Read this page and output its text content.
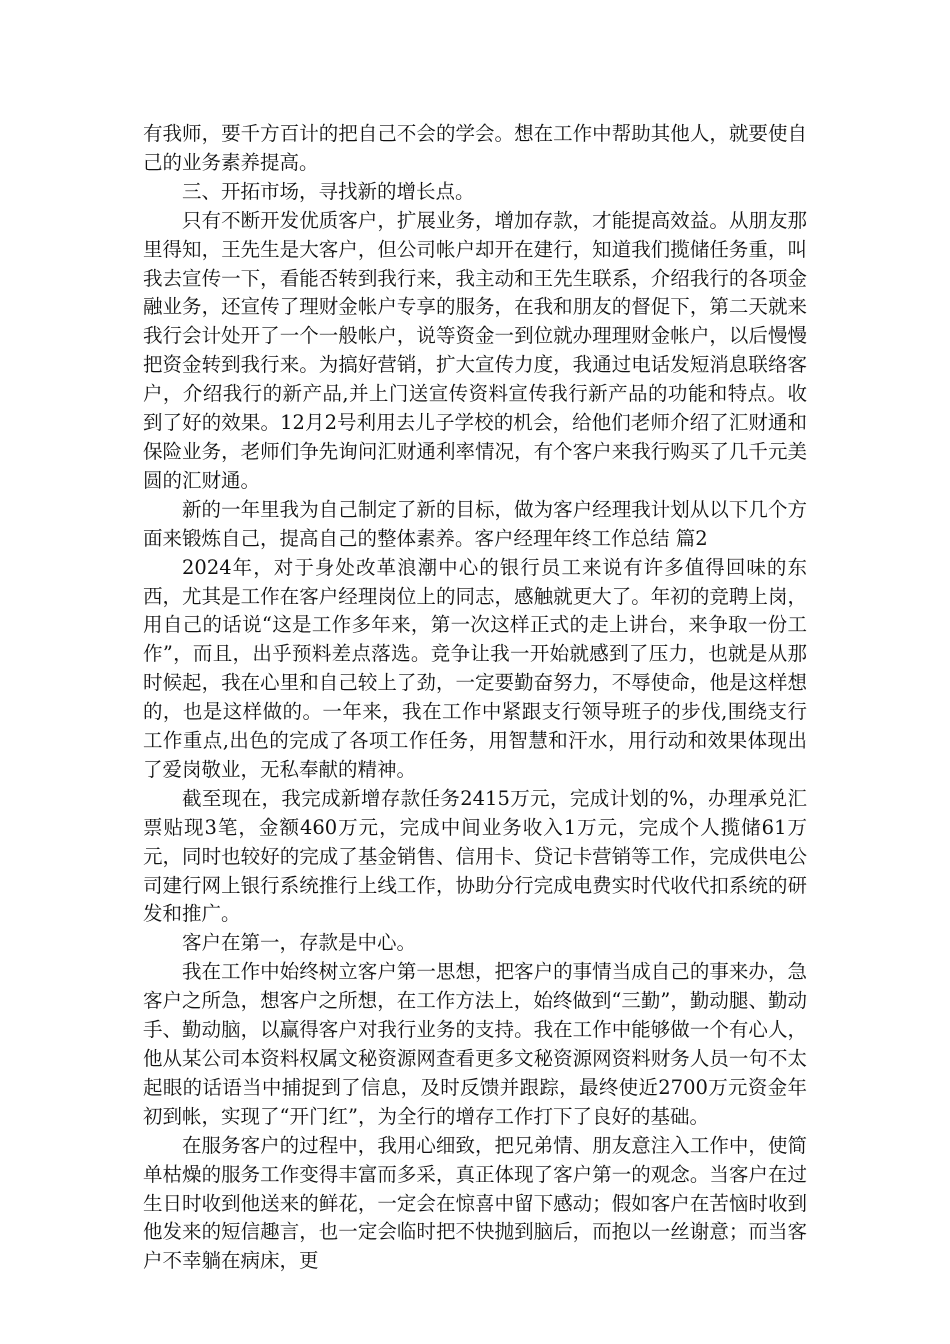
有我师，要千方百计的把自己不会的学会。想在工作中帮助其他人，就要使自己的业务素养提高。

三、开拓市场，寻找新的增长点。

只有不断开发优质客户，扩展业务，增加存款，才能提高效益。从朋友那里得知，王先生是大客户，但公司帐户却开在建行，知道我们揽储任务重，叫我去宣传一下，看能否转到我行来，我主动和王先生联系，介绍我行的各项金融业务，还宣传了理财金帐户专享的服务，在我和朋友的督促下，第二天就来我行会计处开了一个一般帐户，说等资金一到位就办理理财金帐户，以后慢慢把资金转到我行来。为搞好营销，扩大宣传力度，我通过电话发短消息联络客户，介绍我行的新产品,并上门送宣传资料宣传我行新产品的功能和特点。收到了好的效果。12月2号利用去儿子学校的机会，给他们老师介绍了汇财通和保险业务，老师们争先询问汇财通利率情况，有个客户来我行购买了几千元美圆的汇财通。

新的一年里我为自己制定了新的目标，做为客户经理我计划从以下几个方面来锻炼自己，提高自己的整体素养。客户经理年终工作总结 篇2

2024年，对于身处改革浪潮中心的银行员工来说有许多值得回味的东西，尤其是工作在客户经理岗位上的同志，感触就更大了。年初的竞聘上岗，用自己的话说“这是工作多年来，第一次这样正式的走上讲台，来争取一份工作”，而且，出乎预料差点落选。竞争让我一开始就感到了压力，也就是从那时候起，我在心里和自己较上了劲，一定要勤奋努力，不辱使命，他是这样想的，也是这样做的。一年来，我在工作中紧跟支行领导班子的步伐,围绕支行工作重点,出色的完成了各项工作任务，用智慧和汗水，用行动和效果体现出了爱岗敬业，无私奉献的精神。

截至现在，我完成新增存款任务2415万元，完成计划的%，办理承兑汇票贴现3笔，金额460万元，完成中间业务收入1万元，完成个人揽储61万元，同时也较好的完成了基金销售、信用卡、贷记卡营销等工作，完成供电公司建行网上银行系统推行上线工作，协助分行完成电费实时代收代扣系统的研发和推广。

客户在第一，存款是中心。

我在工作中始终树立客户第一思想，把客户的事情当成自己的事来办，急客户之所急，想客户之所想，在工作方法上，始终做到“三勤”，勤动腿、勤动手、勤动脑，以赢得客户对我行业务的支持。我在工作中能够做一个有心人，他从某公司本资料权属文秘资源网查看更多文秘资源网资料财务人员一句不太起眼的话语当中捕捉到了信息，及时反馈并跟踪，最终使近2700万元资金年初到帐，实现了“开门红”，为全行的增存工作打下了良好的基础。

在服务客户的过程中，我用心细致，把兄弟情、朋友意注入工作中，使简单枯燥的服务工作变得丰富而多采，真正体现了客户第一的观念。当客户在过生日时收到他送来的鲜花，一定会在惊喜中留下感动；假如客户在苦恼时收到他发来的短信趣言，也一定会临时把不快抛到脑后，而抱以一丝谢意；而当客户不幸躺在病床，更
